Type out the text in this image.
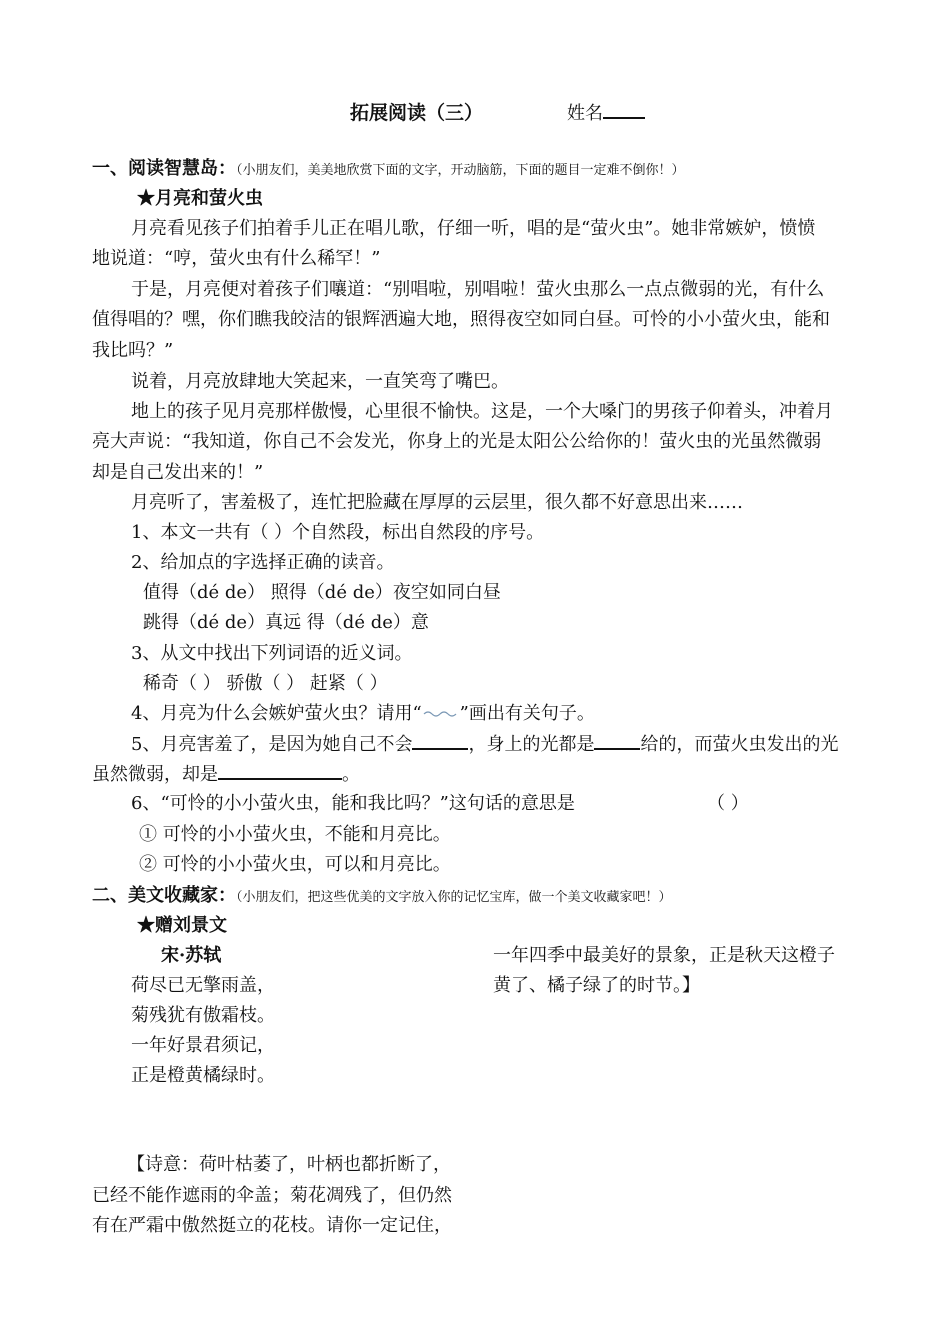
拓展阅读（三）	姓名
一、阅读智慧岛：（小朋友们，美美地欣赏下面的文字，开动脑筋，下面的题目一定难不倒你！）
★月亮和萤火虫
月亮看见孩子们拍着手儿正在唱儿歌，仔细一听，唱的是“萤火虫”。她非常嫉妒，愤愤
地说道：“哼，萤火虫有什么稀罕！”
于是，月亮便对着孩子们嚷道：“别唱啦，别唱啦！萤火虫那么一点点微弱的光，有什么
值得唱的？嘿，你们瞧我皎洁的银辉洒遍大地，照得夜空如同白昼。可怜的小小萤火虫，能和
我比吗？”
说着，月亮放肆地大笑起来，一直笑弯了嘴巴。
地上的孩子见月亮那样傲慢，心里很不愉快。这是，一个大嗓门的男孩子仰着头，冲着月
亮大声说：“我知道，你自己不会发光，你身上的光是太阳公公给你的！萤火虫的光虽然微弱
却是自己发出来的！”
月亮听了，害羞极了，连忙把脸藏在厚厚的云层里，很久都不好意思出来……
1、本文一共有（ ）个自然段，标出自然段的序号。
2、给加点的字选择正确的读音。
值得（dé de） 照得（dé de）夜空如同白昼
跳得（dé de）真远 得（dé de）意
3、从文中找出下列词语的近义词。
稀奇（ ） 骄傲（ ） 赶紧（ ）
4、月亮为什么会嫉妒萤火虫？请用“ ”画出有关句子。
5、月亮害羞了，是因为她自己不会	，身上的光都是	给的，而萤火虫发出的光
虽然微弱，却是	。
6、“可怜的小小萤火虫，能和我比吗？”这句话的意思是	（ ）
① 可怜的小小萤火虫，不能和月亮比。
② 可怜的小小萤火虫，可以和月亮比。
二、美文收藏家：（小朋友们，把这些优美的文字放入你的记忆宝库，做一个美文收藏家吧！）
★赠刘景文
宋·苏轼
荷尽已无擎雨盖，
菊残犹有傲霜枝。
一年好景君须记，
正是橙黄橘绿时。
一年四季中最美好的景象，正是秋天这橙子
黄了、橘子绿了的时节。】
【诗意：荷叶枯萎了，叶柄也都折断了，
已经不能作遮雨的伞盖；菊花凋残了，但仍然
有在严霜中傲然挺立的花枝。请你一定记住，
